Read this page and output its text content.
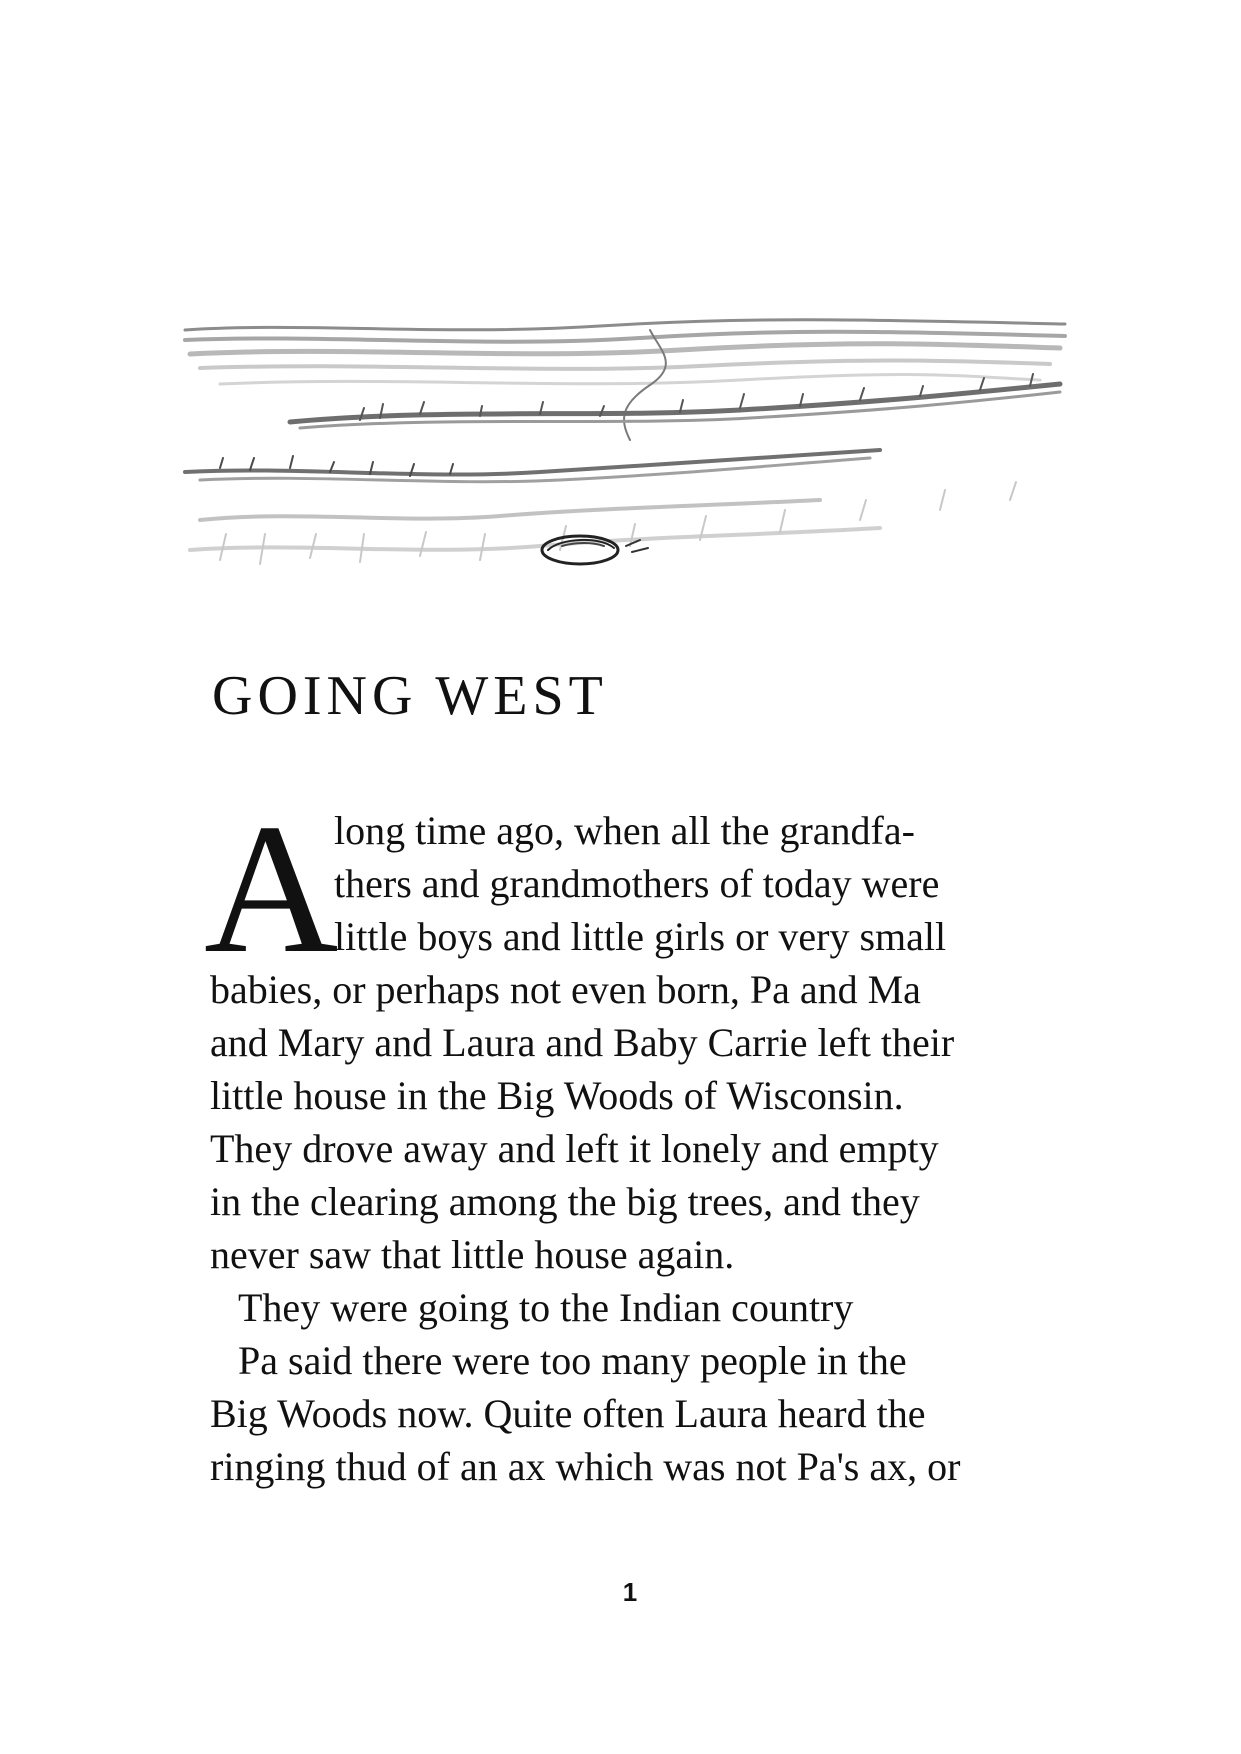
GOING WEST
A
long time ago, when all the grandfa-
thers and grandmothers of today were
little boys and little girls or very small
babies, or perhaps not even born, Pa and Ma
and Mary and Laura and Baby Carrie left their
little house in the Big Woods of Wisconsin.
They drove away and left it lonely and empty
in the clearing among the big trees, and they
never saw that little house again.
They were going to the Indian country
Pa said there were too many people in the
Big Woods now. Quite often Laura heard the
ringing thud of an ax which was not Pa's ax, or
1
